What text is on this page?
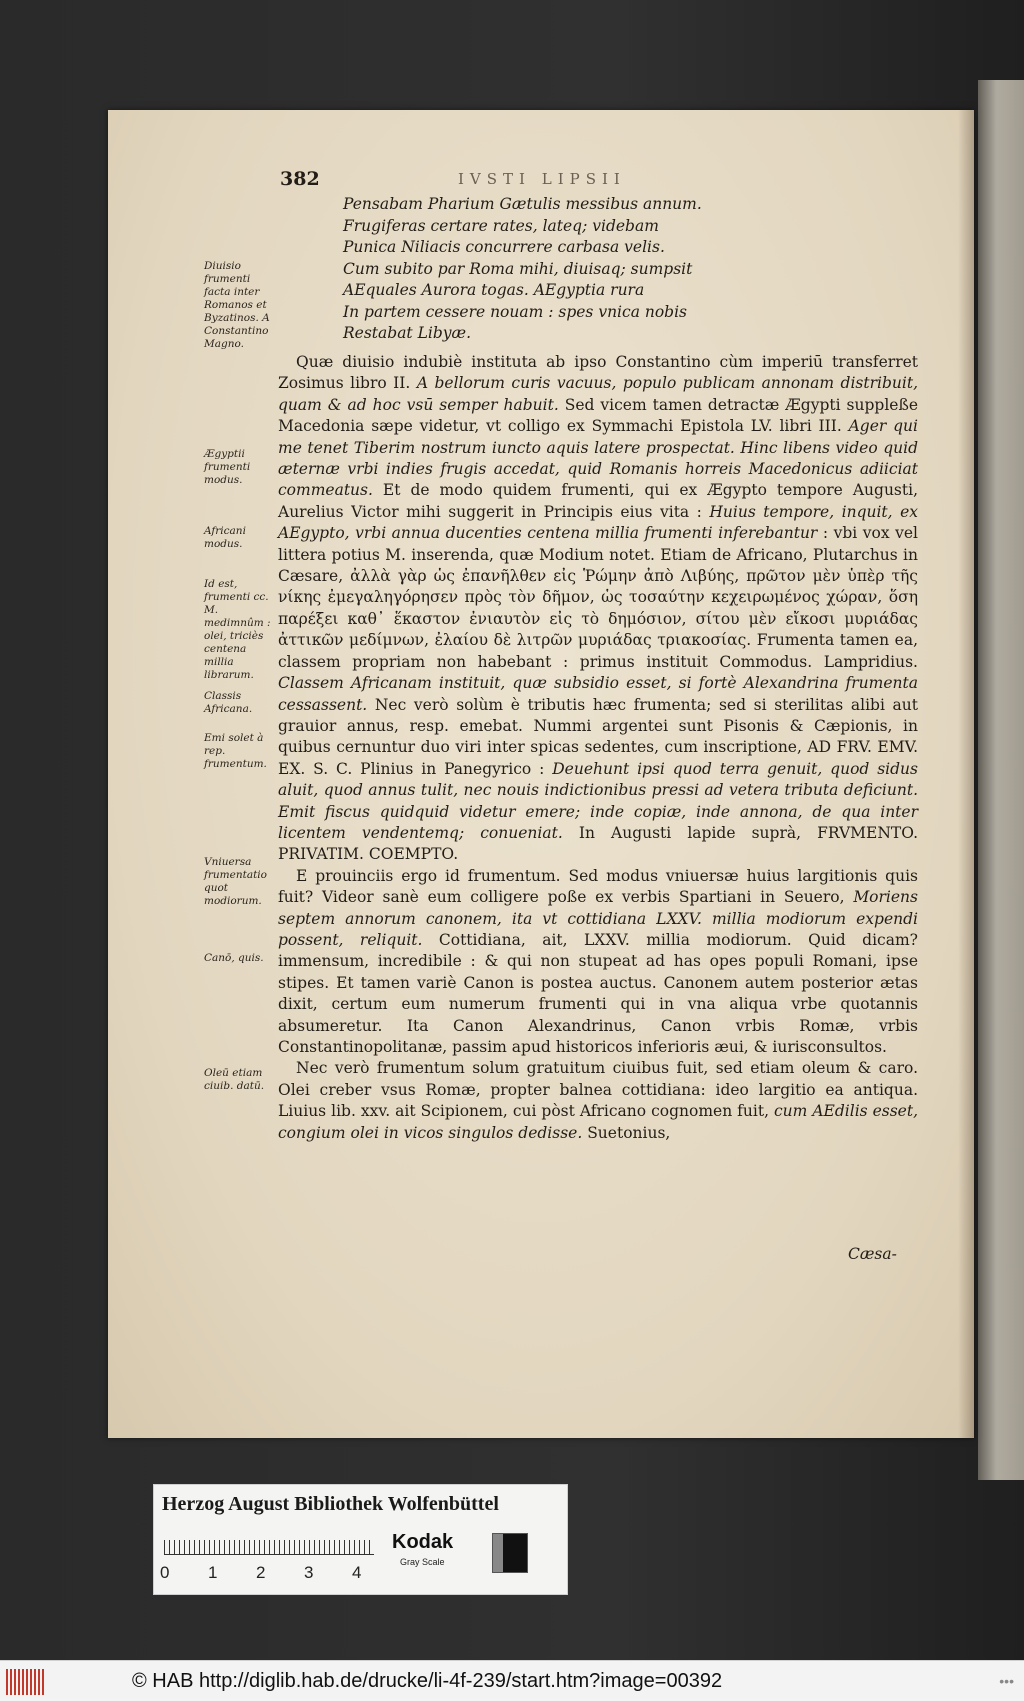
382	IVSTI LIPSII
Pensabam Pharium Gætulis messibus annum.
Frugiferas certare rates, lateq; videbam
Punica Niliacis concurrere carbasa velis.
Cum subito par Roma mihi, diuisaq; sumpsit
AEquales Aurora togas. AEgyptia rura
In partem cessere nouam : spes vnica nobis
Restabat Libyæ.
Diuisio frumenti facta inter Romanos et Byzatinos. A Constantino Magno.
Ægyptii frumenti modus.
Africani modus.
Id est, frumenti cc. M. medimnûm : olei, triciès centena millia librarum.
Classis Africana.
Emi solet à rep. frumentum.
Vniuersa frumentatio quot modiorum.
Canō, quis.
Oleū etiam ciuib. datū.

Quæ diuisio indubiè instituta ab ipso Constantino cùm imperiū transferret Zosimus libro II. A bellorum curis vacuus, populo publicam annonam distribuit, quam & ad hoc vsū semper habuit. Sed vicem tamen detractæ Ægypti suppleße Macedonia sæpe videtur, vt colligo ex Symmachi Epistola LV. libri III. Ager qui me tenet Tiberim nostrum iuncto aquis latere prospectat. Hinc libens video quid æternæ vrbi indies frugis accedat, quid Romanis horreis Macedonicus adiiciat commeatus. Et de modo quidem frumenti, qui ex Ægypto tempore Augusti, Aurelius Victor mihi suggerit in Principis eius vita : Huius tempore, inquit, ex AEgypto, vrbi annua ducenties centena millia frumenti inferebantur : vbi vox vel littera potius M. inserenda, quæ Modium notet. Etiam de Africano, Plutarchus in Cæsare, ἀλλὰ γὰρ ὡς ἐπανῆλθεν εἰς Ῥώμην ἀπὸ Λιβύης, πρῶτον μὲν ὑπὲρ τῆς νίκης ἐμεγαληγόρησεν πρὸς τὸν δῆμον, ὡς τοσαύτην κεχειρωμένος χώραν, ὅση παρέξει καθ᾽ ἕκαστον ἐνιαυτὸν εἰς τὸ δημόσιον, σίτου μὲν εἴκοσι μυριάδας ἀττικῶν μεδίμνων, ἐλαίου δὲ λιτρῶν μυριάδας τριακοσίας. Frumenta tamen ea, classem propriam non habebant : primus instituit Commodus. Lampridius. Classem Africanam instituit, quæ subsidio esset, si fortè Alexandrina frumenta cessassent. Nec verò solùm è tributis hæc frumenta; sed si sterilitas alibi aut grauior annus, resp. emebat. Nummi argentei sunt Pisonis & Cæpionis, in quibus cernuntur duo viri inter spicas sedentes, cum inscriptione, AD FRV. EMV. EX. S. C. Plinius in Panegyrico : Deuehunt ipsi quod terra genuit, quod sidus aluit, quod annus tulit, nec nouis indictionibus pressi ad vetera tributa deficiunt. Emit fiscus quidquid videtur emere; inde copiæ, inde annona, de qua inter licentem vendentemq; conueniat. In Augusti lapide suprà, FRVMENTO. PRIVATIM. COEMPTO.

E prouinciis ergo id frumentum. Sed modus vniuersæ huius largitionis quis fuit? Videor sanè eum colligere poße ex verbis Spartiani in Seuero, Moriens septem annorum canonem, ita vt cottidiana LXXV. millia modiorum expendi possent, reliquit. Cottidiana, ait, LXXV. millia modiorum. Quid dicam? immensum, incredibile : & qui non stupeat ad has opes populi Romani, ipse stipes. Et tamen variè Canon is postea auctus. Canonem autem posterior ætas dixit, certum eum numerum frumenti qui in vna aliqua vrbe quotannis absumeretur. Ita Canon Alexandrinus, Canon vrbis Romæ, vrbis Constantinopolitanæ, passim apud historicos inferioris æui, & iurisconsultos.

Nec verò frumentum solum gratuitum ciuibus fuit, sed etiam oleum & caro. Olei creber vsus Romæ, propter balnea cottidiana: ideo largitio ea antiqua. Liuius lib. xxv. ait Scipionem, cui pòst Africano cognomen fuit, cum AEdilis esset, congium olei in vicos singulos dedisse. Suetonius,

Cæsa-
Herzog August Bibliothek Wolfenbüttel
0 1 2 3 4
Kodak
Gray Scale
© HAB http://diglib.hab.de/drucke/li-4f-239/start.htm?image=00392	•••
